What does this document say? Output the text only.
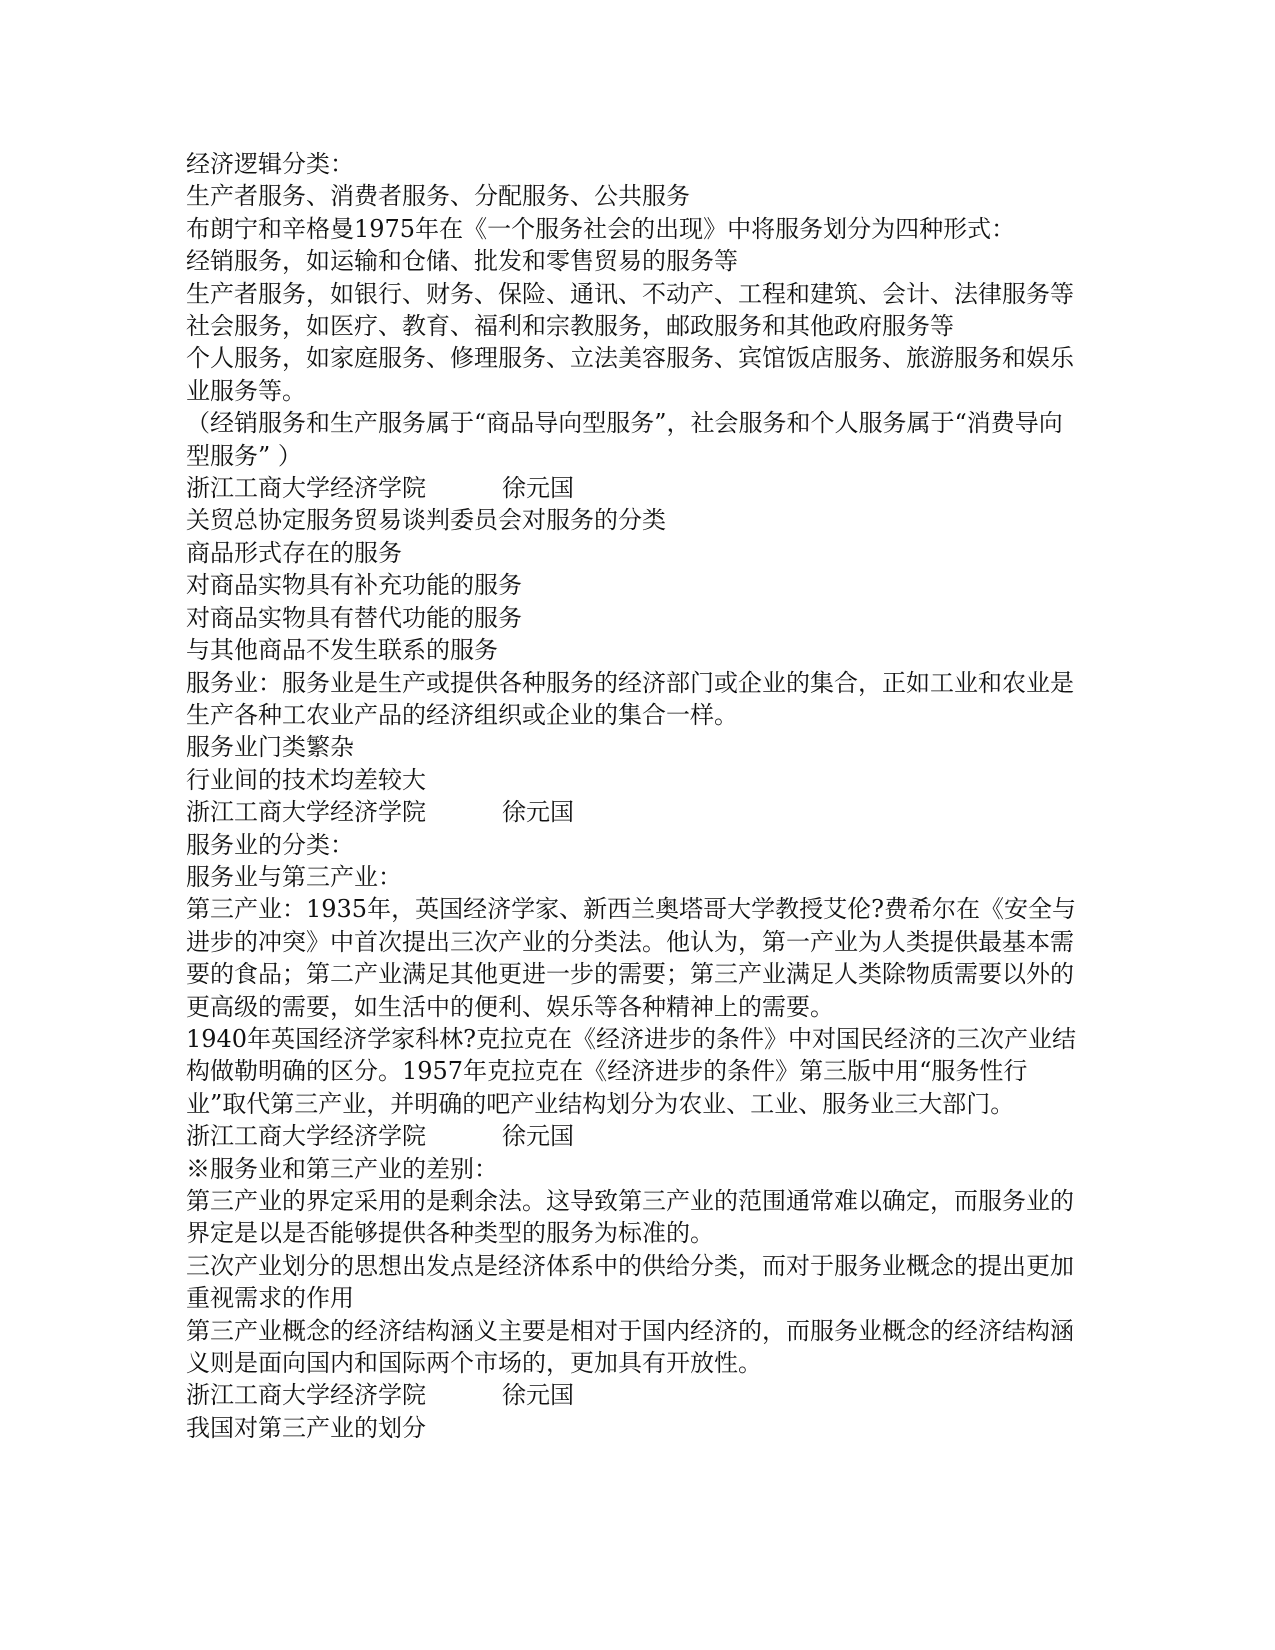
经济逻辑分类：
生产者服务、消费者服务、分配服务、公共服务
布朗宁和辛格曼1975年在《一个服务社会的出现》中将服务划分为四种形式：
经销服务，如运输和仓储、批发和零售贸易的服务等
生产者服务，如银行、财务、保险、通讯、不动产、工程和建筑、会计、法律服务等
社会服务，如医疗、教育、福利和宗教服务，邮政服务和其他政府服务等
个人服务，如家庭服务、修理服务、立法美容服务、宾馆饭店服务、旅游服务和娱乐业服务等。
（经销服务和生产服务属于“商品导向型服务”，社会服务和个人服务属于“消费导向型服务” ）
浙江工商大学经济学院	徐元国
关贸总协定服务贸易谈判委员会对服务的分类
商品形式存在的服务
对商品实物具有补充功能的服务
对商品实物具有替代功能的服务
与其他商品不发生联系的服务
服务业：服务业是生产或提供各种服务的经济部门或企业的集合，正如工业和农业是生产各种工农业产品的经济组织或企业的集合一样。
服务业门类繁杂
行业间的技术均差较大
浙江工商大学经济学院	徐元国
服务业的分类：
服务业与第三产业：
第三产业：1935年，英国经济学家、新西兰奥塔哥大学教授艾伦?费希尔在《安全与进步的冲突》中首次提出三次产业的分类法。他认为，第一产业为人类提供最基本需要的食品；第二产业满足其他更进一步的需要；第三产业满足人类除物质需要以外的更高级的需要，如生活中的便利、娱乐等各种精神上的需要。
1940年英国经济学家科林?克拉克在《经济进步的条件》中对国民经济的三次产业结构做勒明确的区分。1957年克拉克在《经济进步的条件》第三版中用“服务性行业”取代第三产业，并明确的吧产业结构划分为农业、工业、服务业三大部门。
浙江工商大学经济学院	徐元国
※服务业和第三产业的差别：
第三产业的界定采用的是剩余法。这导致第三产业的范围通常难以确定，而服务业的界定是以是否能够提供各种类型的服务为标准的。
三次产业划分的思想出发点是经济体系中的供给分类，而对于服务业概念的提出更加重视需求的作用
第三产业概念的经济结构涵义主要是相对于国内经济的，而服务业概念的经济结构涵义则是面向国内和国际两个市场的，更加具有开放性。
浙江工商大学经济学院	徐元国
我国对第三产业的划分
